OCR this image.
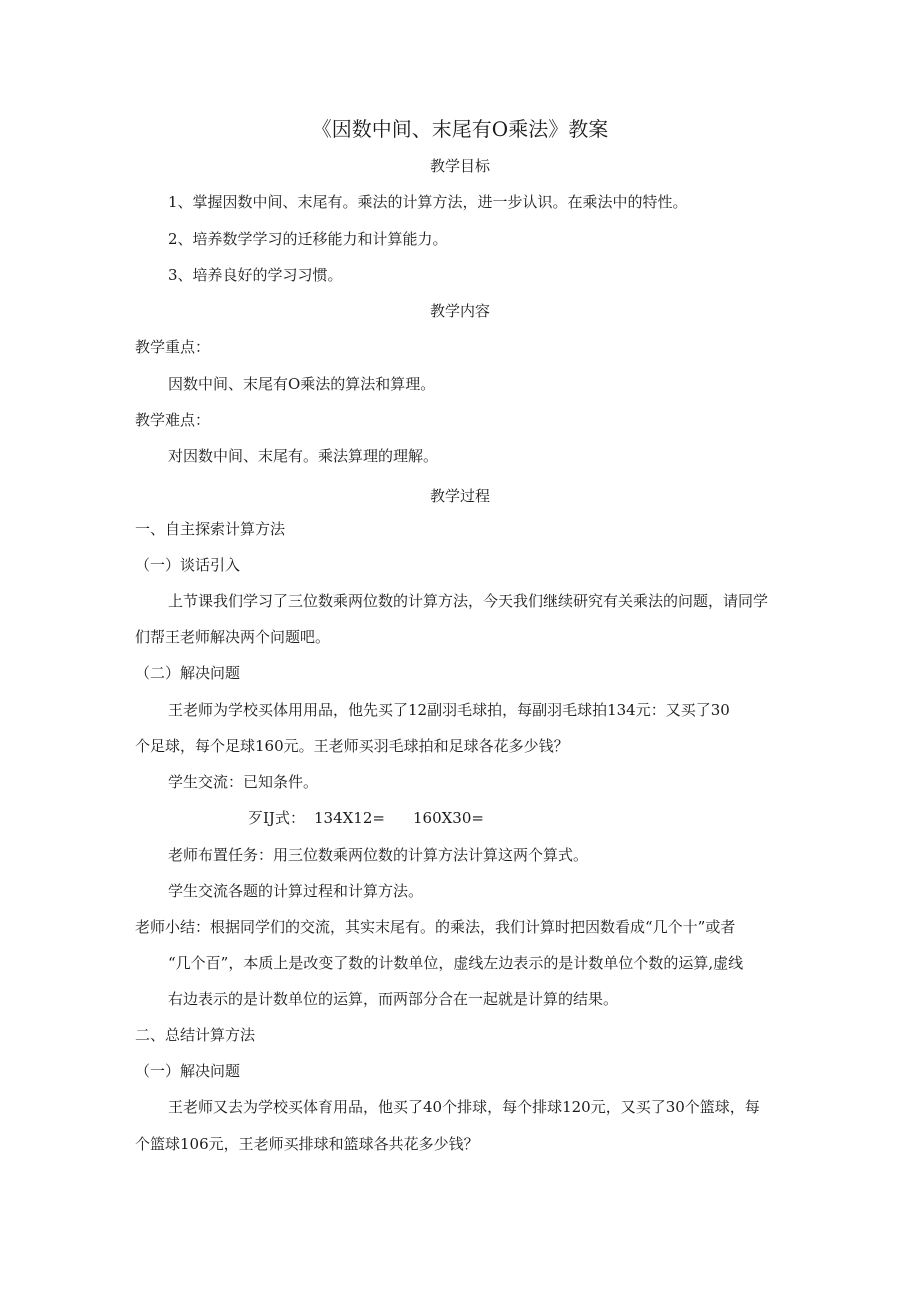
《因数中间、末尾有O乘法》教案
教学目标
1、掌握因数中间、末尾有。乘法的计算方法，进一步认识。在乘法中的特性。
2、培养数学学习的迁移能力和计算能力。
3、培养良好的学习习惯。
教学内容
教学重点：
因数中间、末尾有O乘法的算法和算理。
教学难点：
对因数中间、末尾有。乘法算理的理解。
教学过程
一、自主探索计算方法
（一）谈话引入
上节课我们学习了三位数乘两位数的计算方法，今天我们继续研究有关乘法的问题，请同学
们帮王老师解决两个问题吧。
（二）解决问题
王老师为学校买体用用品，他先买了12副羽毛球拍，每副羽毛球拍134元：又买了30
个足球，每个足球160元。王老师买羽毛球拍和足球各花多少钱？
学生交流：已知条件。
歹IJ式： 134X12= 160X30=
老师布置任务：用三位数乘两位数的计算方法计算这两个算式。
学生交流各题的计算过程和计算方法。
老师小结：根据同学们的交流，其实末尾有。的乘法，我们计算时把因数看成“几个十”或者
“几个百”，本质上是改变了数的计数单位，虚线左边表示的是计数单位个数的运算,虚线
右边表示的是计数单位的运算，而两部分合在一起就是计算的结果。
二、总结计算方法
（一）解决问题
王老师又去为学校买体育用品，他买了40个排球，每个排球120元，又买了30个篮球，每
个篮球106元，王老师买排球和篮球各共花多少钱？
